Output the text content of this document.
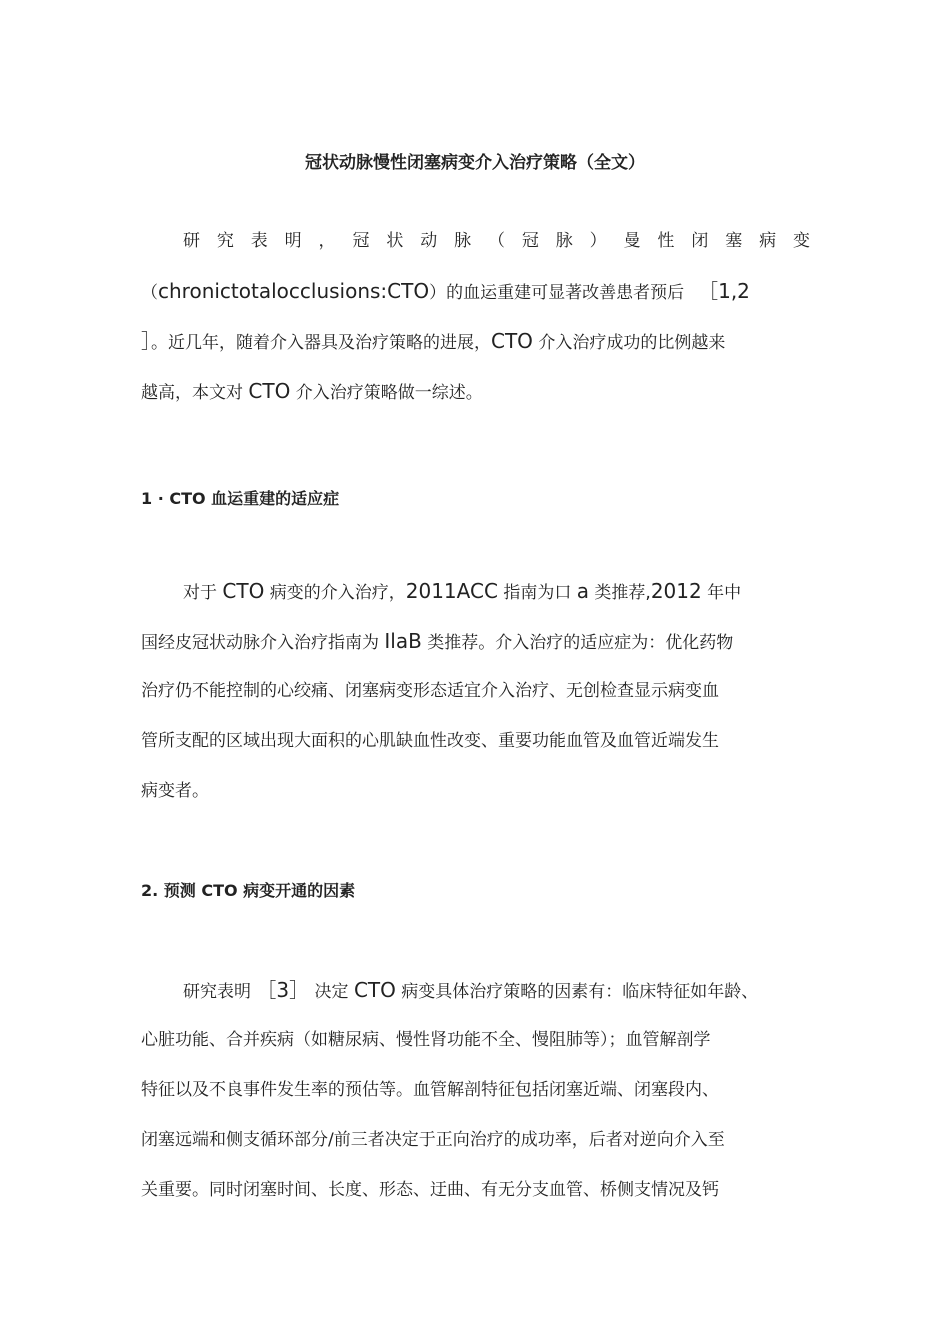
冠状动脉慢性闭塞病变介入治疗策略（全文）
研 究 表 明 ， 冠 状 动 脉 （ 冠 脉 ） 曼 性 闭 塞 病 变
（chronictotalocclusions:CTO）的血运重建可显著改善患者预后 ［1,2
］。近几年，随着介入器具及治疗策略的进展，CTO 介入治疗成功的比例越来
越高，本文对 CTO 介入治疗策略做一综述。
1 · CTO 血运重建的适应症
对于 CTO 病变的介入治疗，2011ACC 指南为口 a 类推荐,2012 年中
国经皮冠状动脉介入治疗指南为 IlaB 类推荐。介入治疗的适应症为：优化药物
治疗仍不能控制的心绞痛、闭塞病变形态适宜介入治疗、无创检查显示病变血
管所支配的区域出现大面积的心肌缺血性改变、重要功能血管及血管近端发生
病变者。
2. 预测 CTO 病变开通的因素
研究表明 ［3］ 决定 CTO 病变具体治疗策略的因素有：临床特征如年龄、
心脏功能、合并疾病（如糖尿病、慢性肾功能不全、慢阻肺等）；血管解剖学
特征以及不良事件发生率的预估等。血管解剖特征包括闭塞近端、闭塞段内、
闭塞远端和侧支循环部分/前三者决定于正向治疗的成功率，后者对逆向介入至
关重要。同时闭塞时间、长度、形态、迂曲、有无分支血管、桥侧支情况及钙
